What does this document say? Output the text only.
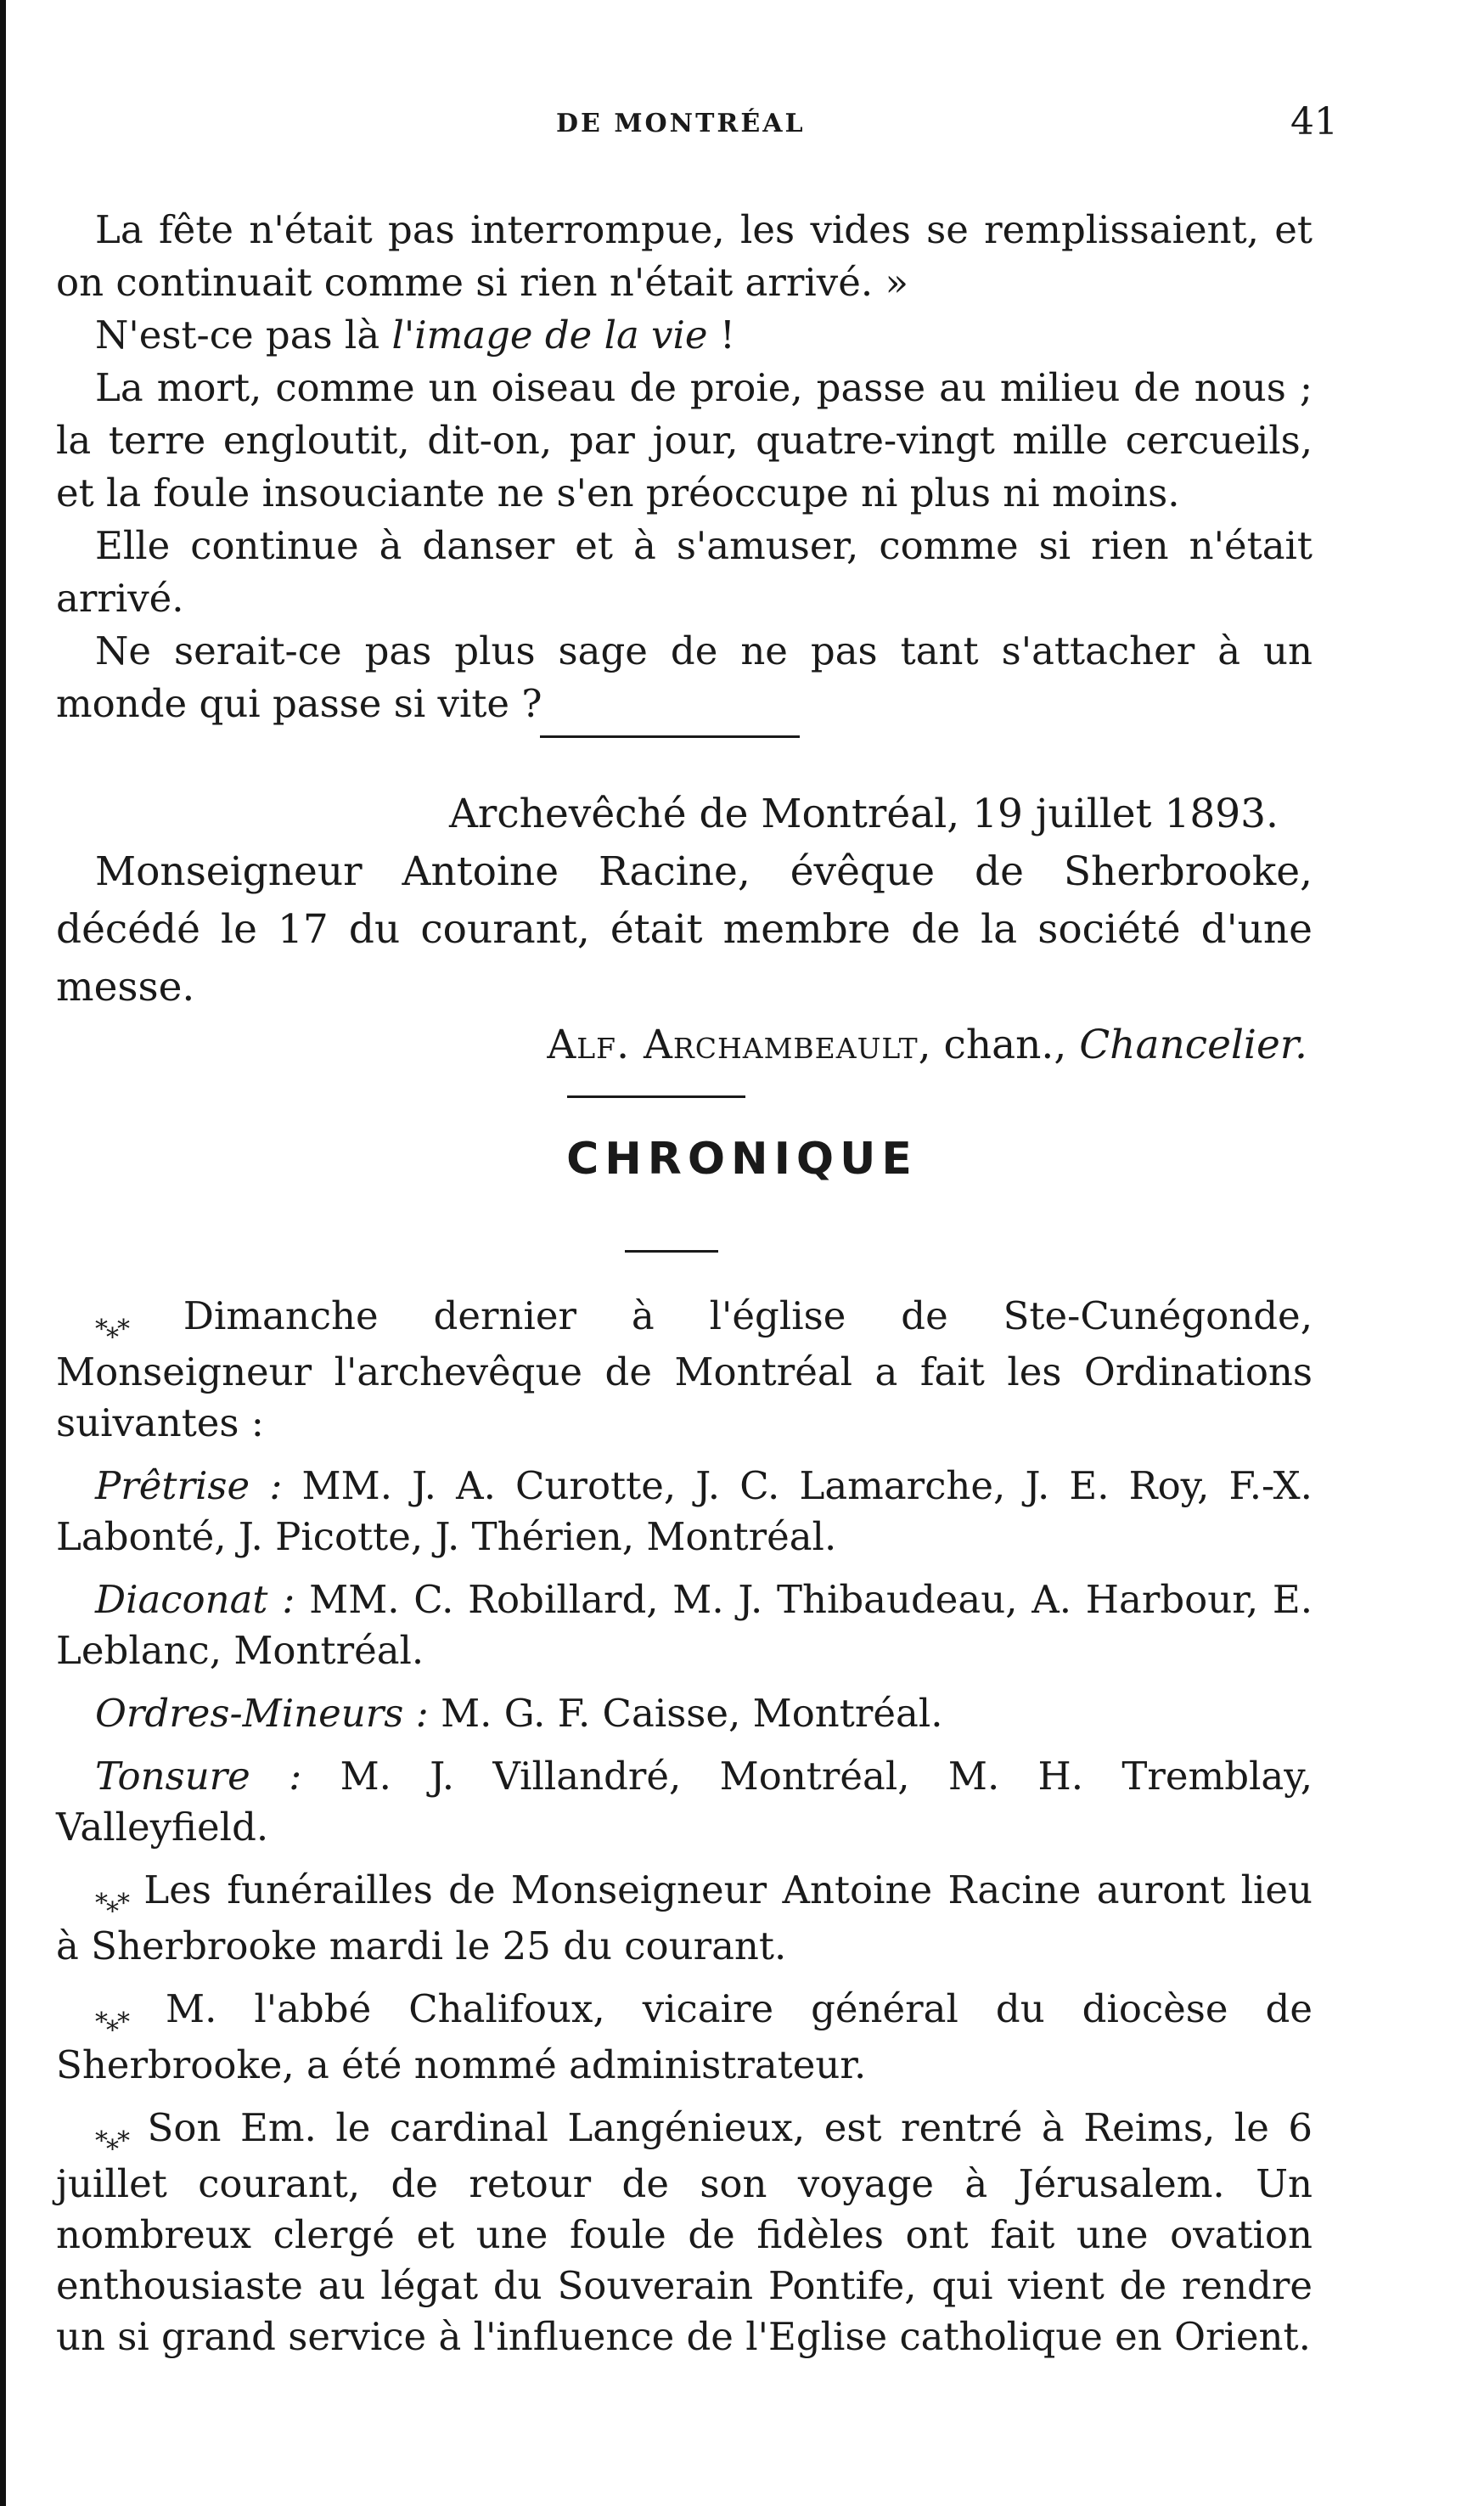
DE MONTRÉAL	41

La fête n'était pas interrompue, les vides se remplissaient, et on continuait comme si rien n'était arrivé. »

N'est-ce pas là l'image de la vie !

La mort, comme un oiseau de proie, passe au milieu de nous ; la terre engloutit, dit-on, par jour, quatre-vingt mille cercueils, et la foule insouciante ne s'en préoccupe ni plus ni moins.

Elle continue à danser et à s'amuser, comme si rien n'était arrivé.

Ne serait-ce pas plus sage de ne pas tant s'attacher à un monde qui passe si vite ?

Archevêché de Montréal, 19 juillet 1893.

Monseigneur Antoine Racine, évêque de Sherbrooke, décédé le 17 du courant, était membre de la société d'une messe.

Alf. Archambeault, chan., Chancelier.

CHRONIQUE

$_{*⁎*}$ Dimanche dernier à l'église de Ste-Cunégonde, Monseigneur l'archevêque de Montréal a fait les Ordinations suivantes :

Prêtrise : MM. J. A. Curotte, J. C. Lamarche, J. E. Roy, F.-X. Labonté, J. Picotte, J. Thérien, Montréal.

Diaconat : MM. C. Robillard, M. J. Thibaudeau, A. Harbour, E. Leblanc, Montréal.

Ordres-Mineurs : M. G. F. Caisse, Montréal.

Tonsure : M. J. Villandré, Montréal, M. H. Tremblay, Valleyfield.

$_{*⁎*}$ Les funérailles de Monseigneur Antoine Racine auront lieu à Sherbrooke mardi le 25 du courant.

$_{*⁎*}$ M. l'abbé Chalifoux, vicaire général du diocèse de Sherbrooke, a été nommé administrateur.

$_{*⁎*}$ Son Em. le cardinal Langénieux, est rentré à Reims, le 6 juillet courant, de retour de son voyage à Jérusalem. Un nombreux clergé et une foule de fidèles ont fait une ovation enthousiaste au légat du Souverain Pontife, qui vient de rendre un si grand service à l'influence de l'Eglise catholique en Orient.
